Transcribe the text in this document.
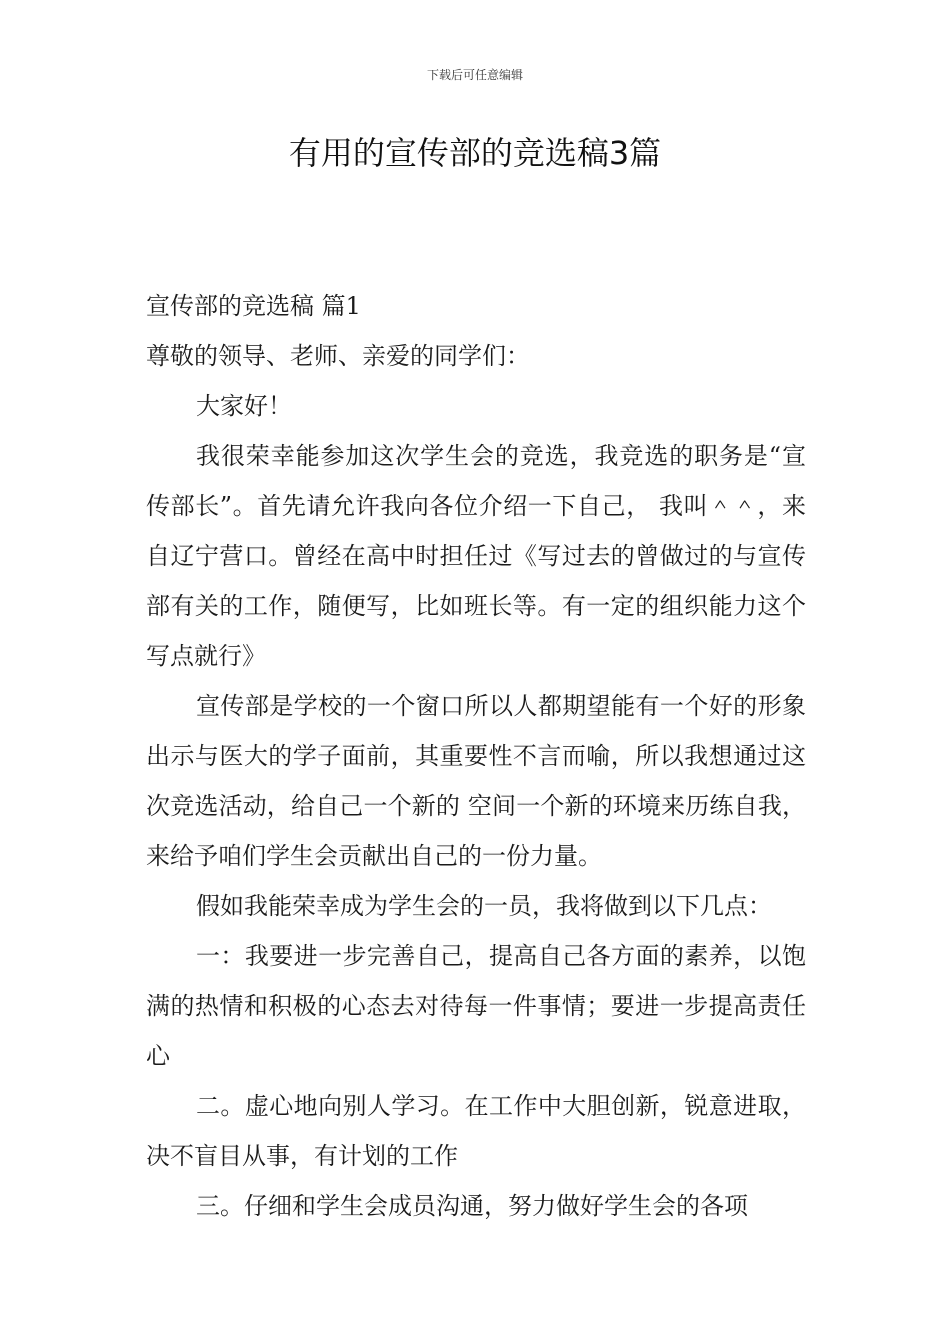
下载后可任意编辑
有用的宣传部的竞选稿3篇

宣传部的竞选稿 篇1

尊敬的领导、老师、亲爱的同学们：

大家好！

我很荣幸能参加这次学生会的竞选，我竞选的职务是“宣传部长”。首先请允许我向各位介绍一下自己， 我叫＾＾，来自辽宁营口。曾经在高中时担任过《写过去的曾做过的与宣传部有关的工作，随便写，比如班长等。有一定的组织能力这个写点就行》

宣传部是学校的一个窗口所以人都期望能有一个好的形象出示与医大的学子面前，其重要性不言而喻，所以我想通过这次竞选活动，给自己一个新的 空间一个新的环境来历练自我，来给予咱们学生会贡献出自己的一份力量。

假如我能荣幸成为学生会的一员，我将做到以下几点：

一：我要进一步完善自己，提高自己各方面的素养，以饱满的热情和积极的心态去对待每一件事情；要进一步提高责任心

二。虚心地向别人学习。在工作中大胆创新，锐意进取，决不盲目从事，有计划的工作

三。仔细和学生会成员沟通，努力做好学生会的各项
